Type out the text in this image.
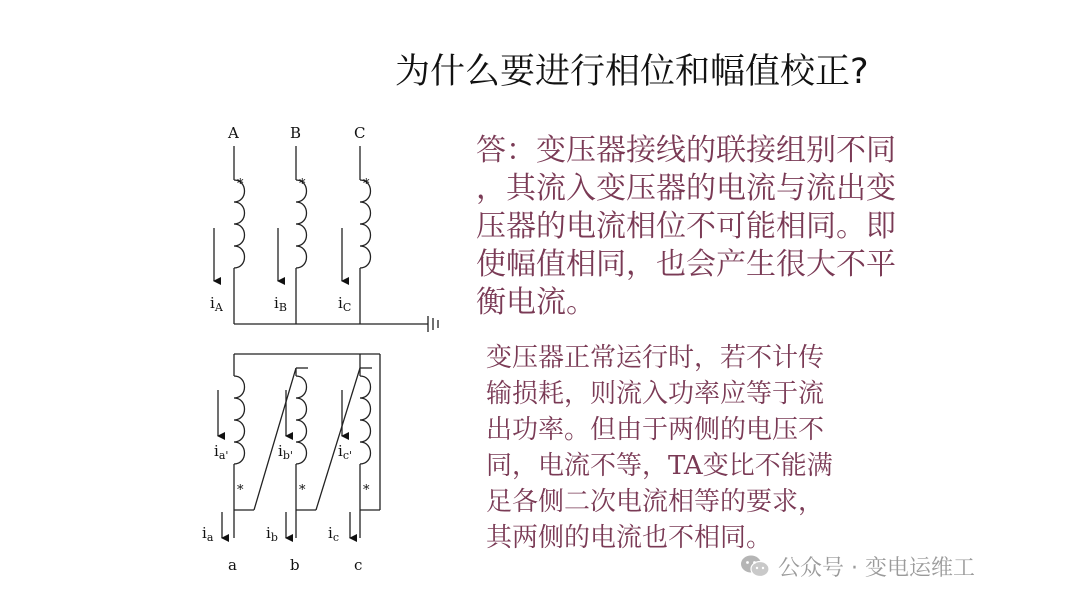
为什么要进行相位和幅值校正?
答：变压器接线的联接组别不同
，其流入变压器的电流与流出变
压器的电流相位不可能相同。即
使幅值相同，也会产生很大不平
衡电流。
变压器正常运行时，若不计传
输损耗，则流入功率应等于流
出功率。但由于两侧的电压不
同，电流不等，TA变比不能满
足各侧二次电流相等的要求，
其两侧的电流也不相同。
A	B	C
*	*	*
$i_A$	$i_B$	$i_C$
$i_{a'}$	$i_{b'}$	$i_{c'}$
*	*	*
$i_a$	$i_b$	$i_c$
a	b	c	公众号 · 变电运维工
